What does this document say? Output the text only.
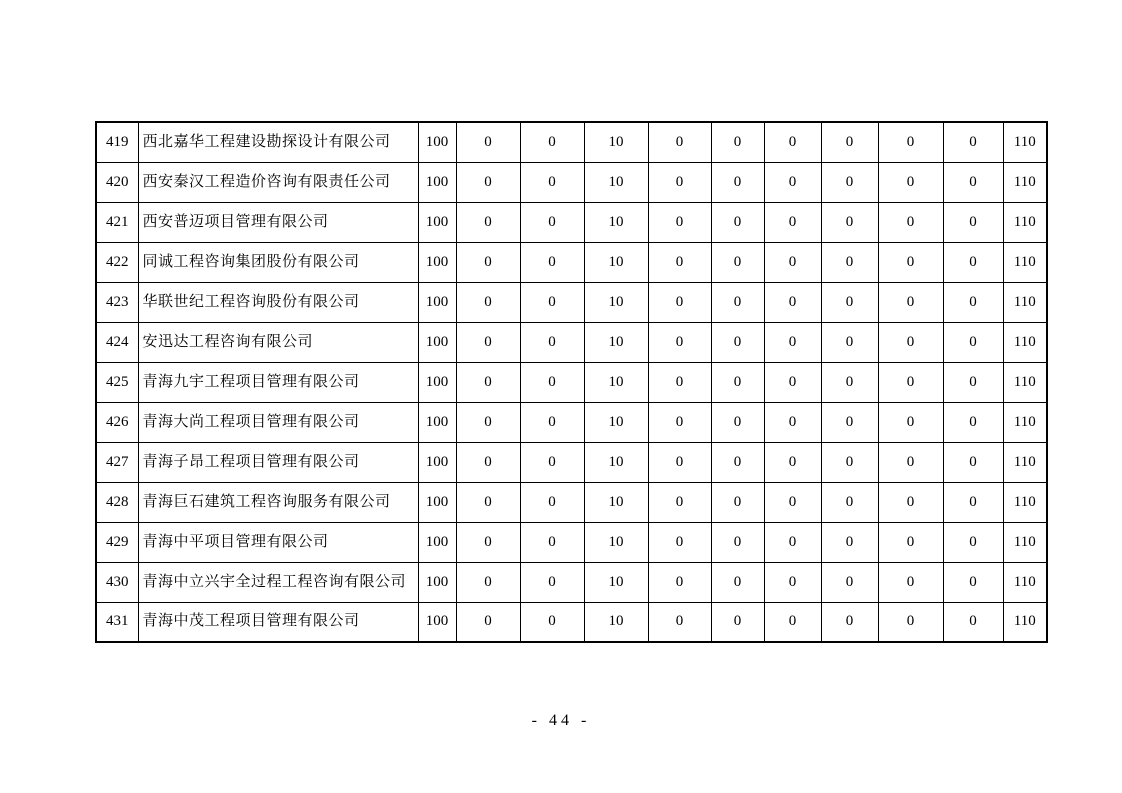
419	西北嘉华工程建设勘探设计有限公司	100	0	0	10	0	0	0	0	0	0	110
420	西安秦汉工程造价咨询有限责任公司	100	0	0	10	0	0	0	0	0	0	110
421	西安普迈项目管理有限公司	100	0	0	10	0	0	0	0	0	0	110
422	同诚工程咨询集团股份有限公司	100	0	0	10	0	0	0	0	0	0	110
423	华联世纪工程咨询股份有限公司	100	0	0	10	0	0	0	0	0	0	110
424	安迅达工程咨询有限公司	100	0	0	10	0	0	0	0	0	0	110
425	青海九宇工程项目管理有限公司	100	0	0	10	0	0	0	0	0	0	110
426	青海大尚工程项目管理有限公司	100	0	0	10	0	0	0	0	0	0	110
427	青海子昂工程项目管理有限公司	100	0	0	10	0	0	0	0	0	0	110
428	青海巨石建筑工程咨询服务有限公司	100	0	0	10	0	0	0	0	0	0	110
429	青海中平项目管理有限公司	100	0	0	10	0	0	0	0	0	0	110
430	青海中立兴宇全过程工程咨询有限公司	100	0	0	10	0	0	0	0	0	0	110
431	青海中茂工程项目管理有限公司	100	0	0	10	0	0	0	0	0	0	110
- 44 -
